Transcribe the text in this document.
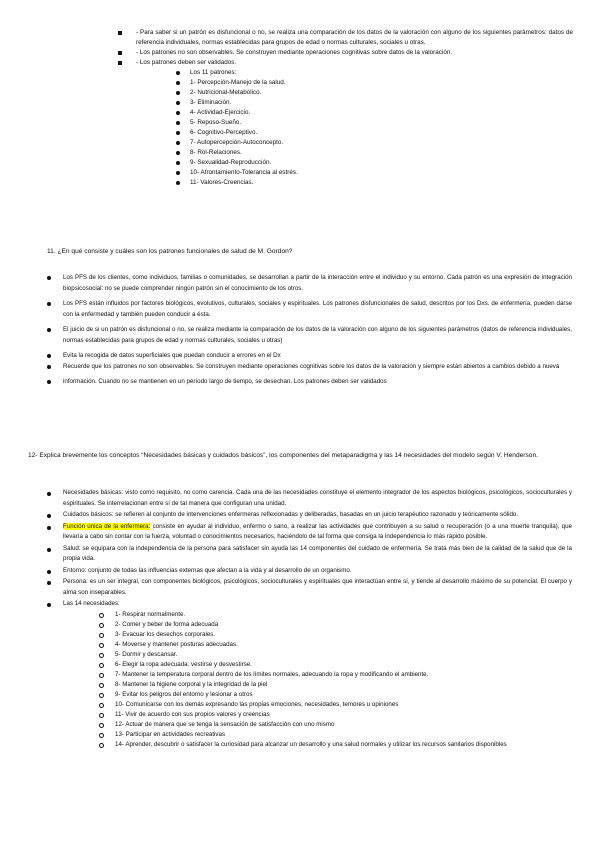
- Para saber si un patrón es disfuncional o no, se realiza una comparación de los datos de la valoración con alguno de los siguientes parámetros: datos de referencia individuales, normas establecidas para grupos de edad o normas culturales, sociales u otras.
- Los patrones no son observables. Se construyen mediante operaciones cognitivas sobre datos de la valoración.
- Los patrones deben ser validados.
Los 11 patrones:
1- Percepción-Manejo de la salud.
2- Nutricional-Metabólico.
3- Eliminación.
4- Actividad-Ejercicio.
5- Reposo-Sueño.
6- Cognitivo-Perceptivo.
7- Autopercepción-Autoconcepto.
8- Rol-Relaciones.
9- Sexualidad-Reproducción.
10- Afrontamiento-Tolerancia al estrés.
11- Valores-Creencias.

11. ¿En qué consiste y cuáles son los patrones funcionales de salud de M. Gordon?

Los PFS de los clientes, como individuos, familias o comunidades, se desarrollan a partir de la interacción entre el individuo y su entorno. Cada patrón es una expresión de integración biopsicosocial: no se puede comprender ningún patrón sin el conocimiento de los otros.
Los PFS están influidos por factores biológicos, evolutivos, culturales, sociales y espirituales. Los patrones disfuncionales de salud, descritos por los Dxs. de enfermería, pueden darse con la enfermedad y también pueden conducir a ésta.
El juicio de si un patrón es disfuncional o no, se realiza mediante la comparación de los datos de la valoración con alguno de los siguientes parámetros (datos de referencia individuales, normas establecidas para grupos de edad y normas culturales, sociales u otras)
Evita la recogida de datos superficiales que puedan conducir a errores en el Dx
Recuerde que los patrones no son observables. Se construyen mediante operaciones cognitivas sobre los datos de la valoración y siempre están abiertos a cambios debido a nueva
información. Cuando no se mantienen en un período largo de tiempo, se desechan. Los patrones deben ser validados

12- Explica brevemente los conceptos “Necesidades básicas y cuidados básicos”, los componentes del metaparadigma y las 14 necesidades del modelo según V. Henderson.

Necesidades básicas: visto como requisito, no como carencia. Cada una de las necesidades constituye el elemento integrador de los aspectos biológicos, psicológicos, socioculturales y espirituales. Se interrelacionan entre sí de tal manera que configuran una unidad.
Cuidados básicos: se refieren al conjunto de intervenciones enfermeras reflexionadas y deliberadas, basadas en un juicio terapéutico razonado y teóricamente sólido.
Función única de la enfermera: consiste en ayudar al individuo, enfermo o sano, a realizar las actividades que contribuyen a su salud o recuperación (o a una muerte tranquila), que llevaría a cabo sin contar con la fuerza, voluntad o conocimientos necesarios, haciéndolo de tal forma que consiga la independencia lo más rápido posible.
Salud: se equipara con la independencia de la persona para satisfacer sin ayuda las 14 componentes del cuidado de enfermería. Se trata más bien de la calidad de la salud que de la propia vida.
Entorno: conjunto de todas las influencias externas que afectan a la vida y al desarrollo de un organismo.
Persona: es un ser integral, con componentes biológicos, psicológicos, socioculturales y espirituales que interactúan entre sí, y tiende al desarrollo máximo de su potencial. El cuerpo y alma son inseparables.
Las 14 necesidades:
1- Respirar normalmente.
2- Comer y beber de forma adecuada
3- Evacuar los desechos corporales.
4- Moverse y mantener posturas adecuadas.
5- Dormir y descansar.
6- Elegir la ropa adecuada: vestirse y desvestirse.
7- Mantener la temperatura corporal dentro de los límites normales, adecuando la ropa y modificando el ambiente.
8- Mantener la higiene corporal y la integridad de la piel
9- Evitar los peligros del entorno y lesionar a otros
10- Comunicarse con los demás expresando las propias emociones, necesidades, temores u opiniones
11- Vivir de acuerdo con sus propios valores y creencias
12- Actuar de manera que se tenga la sensación de satisfacción con uno mismo
13- Participar en actividades recreativas
14- Aprender, descubrir o satisfacer la curiosidad para alcanzar un desarrollo y una salud normales y utilizar los recursos sanitarios disponibles
